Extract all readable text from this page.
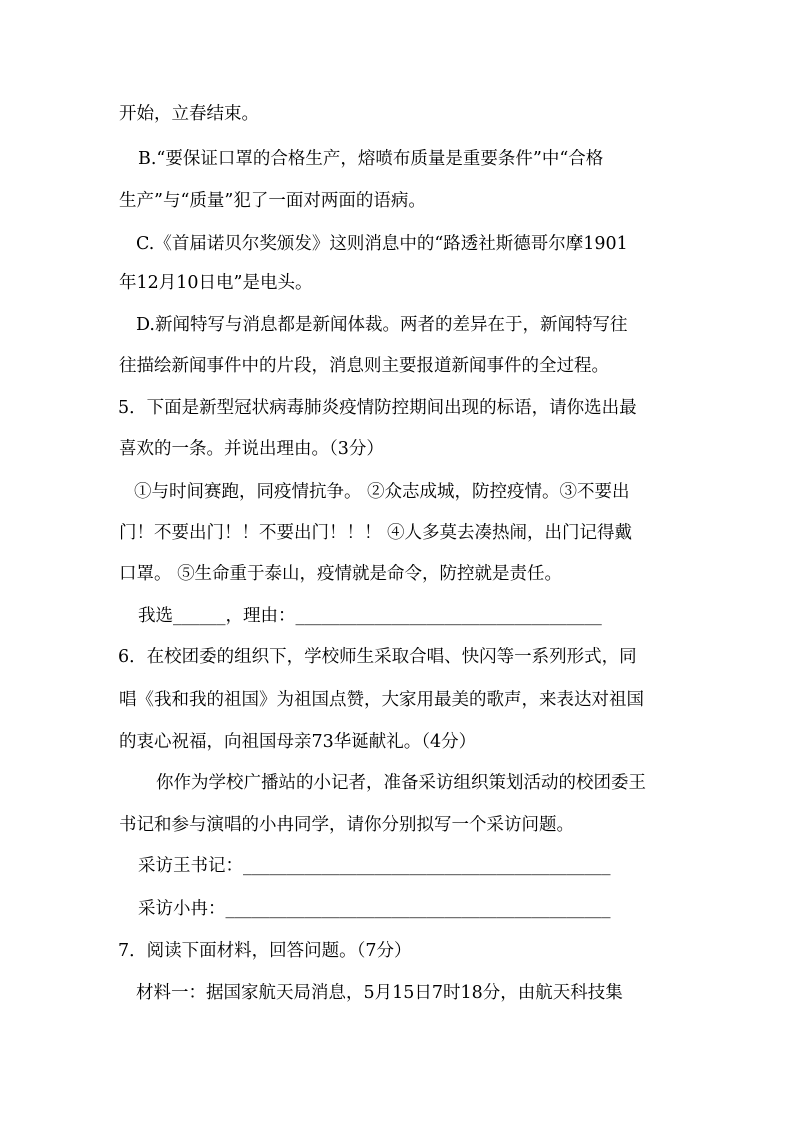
开始，立春结束。
B.“要保证口罩的合格生产，熔喷布质量是重要条件”中“合格
生产”与“质量”犯了一面对两面的语病。
C.《首届诺贝尔奖颁发》这则消息中的“路透社斯德哥尔摩1901
年12月10日电”是电头。
D.新闻特写与消息都是新闻体裁。两者的差异在于，新闻特写往
往描绘新闻事件中的片段，消息则主要报道新闻事件的全过程。
5．下面是新型冠状病毒肺炎疫情防控期间出现的标语，请你选出最
喜欢的一条。并说出理由。（3分）
①与时间赛跑，同疫情抗争。 ②众志成城，防控疫情。③不要出
门！不要出门！！不要出门！！！ ④人多莫去凑热闹，出门记得戴
口罩。 ⑤生命重于泰山，疫情就是命令，防控就是责任。
我选______，理由：___________________________________
6．在校团委的组织下，学校师生采取合唱、快闪等一系列形式，同
唱《我和我的祖国》为祖国点赞，大家用最美的歌声，来表达对祖国
的衷心祝福，向祖国母亲73华诞献礼。（4分）
你作为学校广播站的小记者，准备采访组织策划活动的校团委王
书记和参与演唱的小冉同学，请你分别拟写一个采访问题。
采访王书记：__________________________________________
采访小冉：____________________________________________
7．阅读下面材料，回答问题。（7分）
材料一：据国家航天局消息，5月15日7时18分，由航天科技集
